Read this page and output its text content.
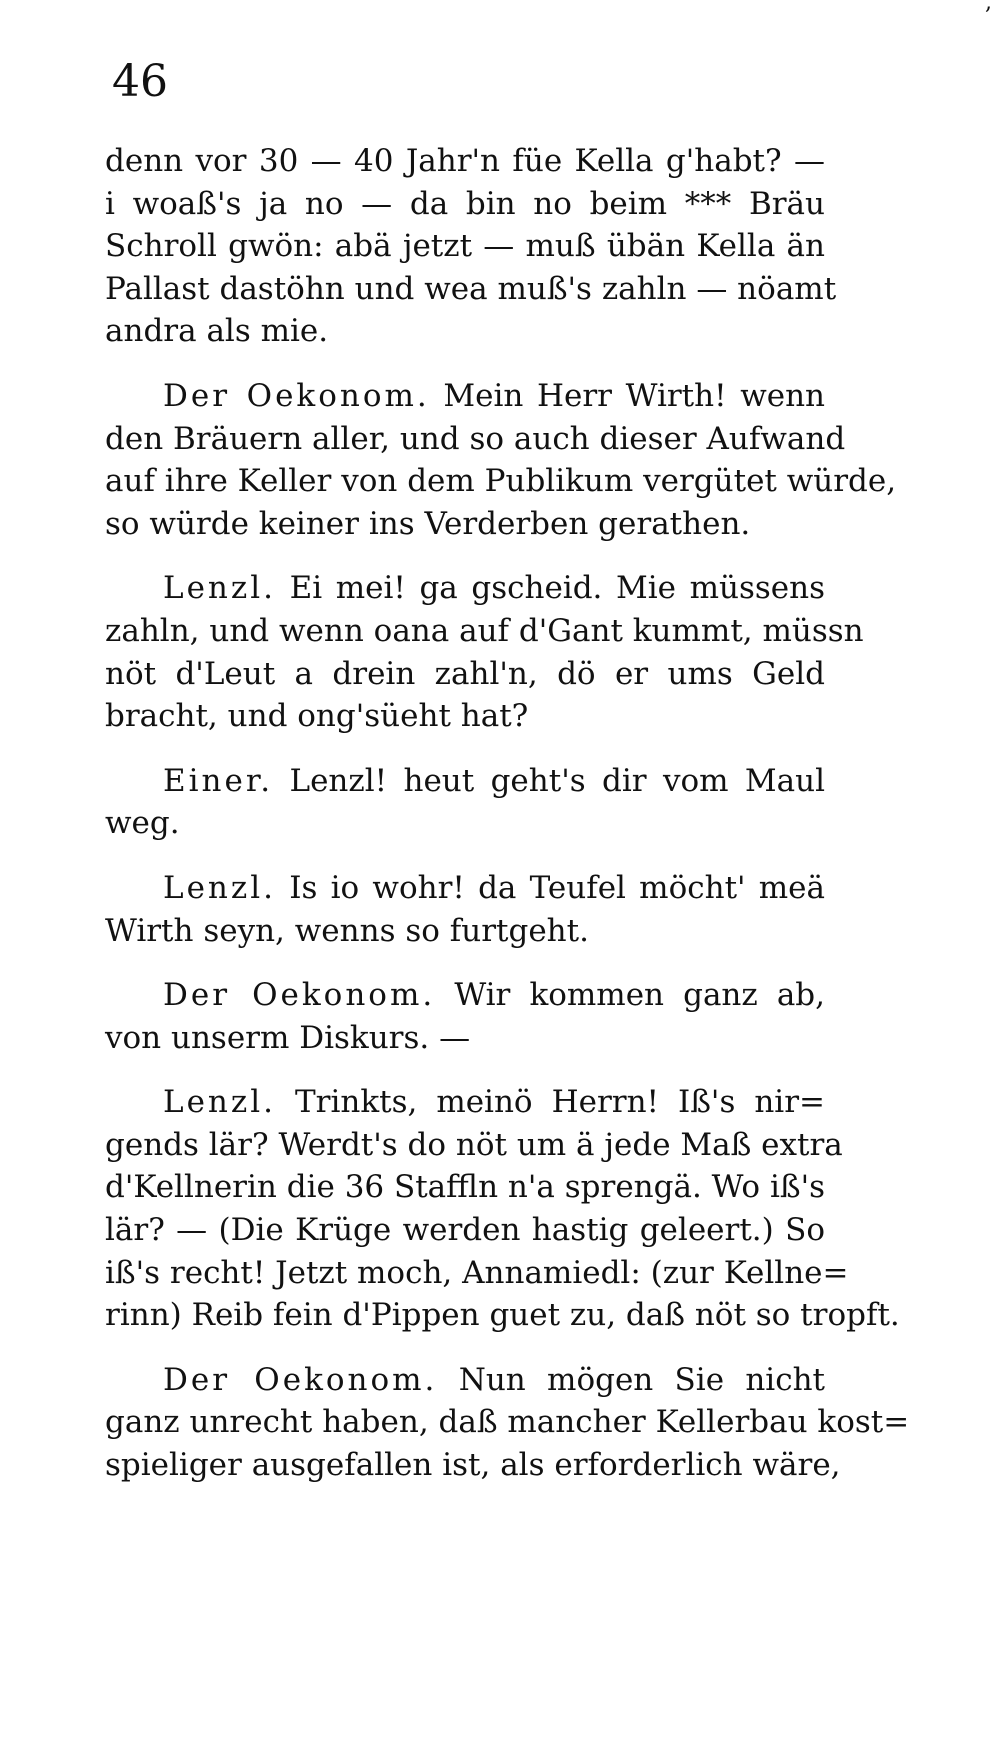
,
46
denn vor 30 — 40 Jahr'n füe Kella g'habt? —
i woaß's ja no — da bin no beim *** Bräu
Schroll gwön: abä jetzt — muß übän Kella än
Pallast dastöhn und wea muß's zahln — nöamt
andra als mie.
Der Oekonom. Mein Herr Wirth! wenn
den Bräuern aller, und so auch dieser Aufwand
auf ihre Keller von dem Publikum vergütet würde,
so würde keiner ins Verderben gerathen.
Lenzl. Ei mei! ga gscheid. Mie müssens
zahln, und wenn oana auf d'Gant kummt, müssn
nöt d'Leut a drein zahl'n, dö er ums Geld
bracht, und ong'süeht hat?
Einer. Lenzl! heut geht's dir vom Maul
weg.
Lenzl. Is io wohr! da Teufel möcht' meä
Wirth seyn, wenns so furtgeht.
Der Oekonom. Wir kommen ganz ab,
von unserm Diskurs. —
Lenzl. Trinkts, meinö Herrn! Iß's nir=
gends lär? Werdt's do nöt um ä jede Maß extra
d'Kellnerin die 36 Staffln n'a sprengä. Wo iß's
lär? — (Die Krüge werden hastig geleert.) So
iß's recht! Jetzt moch, Annamiedl: (zur Kellne=
rinn) Reib fein d'Pippen guet zu, daß nöt so tropft.
Der Oekonom. Nun mögen Sie nicht
ganz unrecht haben, daß mancher Kellerbau kost=
spieliger ausgefallen ist, als erforderlich wäre,
